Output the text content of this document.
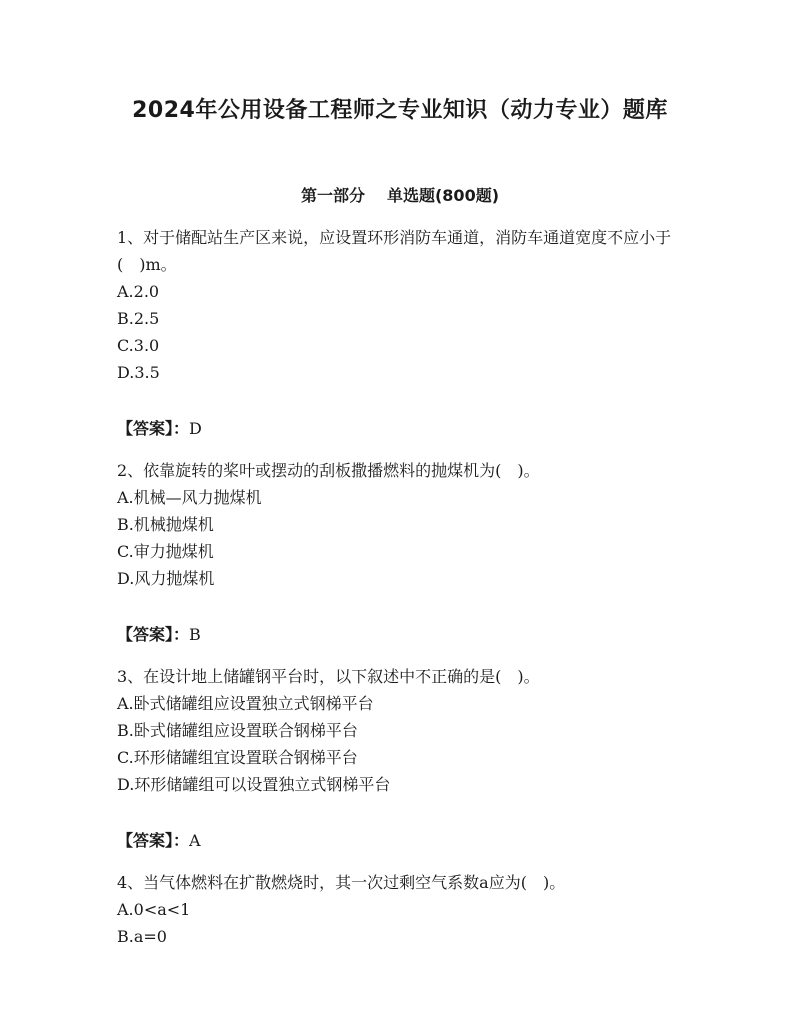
2024年公用设备工程师之专业知识（动力专业）题库
第一部分 单选题(800题)

1、对于储配站生产区来说，应设置环形消防车通道，消防车通道宽度不应小于(　)m。

A.2.0
B.2.5
C.3.0
D.3.5
【答案】：D

2、依靠旋转的桨叶或摆动的刮板撒播燃料的抛煤机为(　)。

A.机械—风力抛煤机
B.机械抛煤机
C.审力抛煤机
D.风力抛煤机
【答案】：B

3、在设计地上储罐钢平台时，以下叙述中不正确的是(　)。

A.卧式储罐组应设置独立式钢梯平台
B.卧式储罐组应设置联合钢梯平台
C.环形储罐组宜设置联合钢梯平台
D.环形储罐组可以设置独立式钢梯平台
【答案】：A

4、当气体燃料在扩散燃烧时，其一次过剩空气系数a应为(　)。

A.0<a<1
B.a=0
